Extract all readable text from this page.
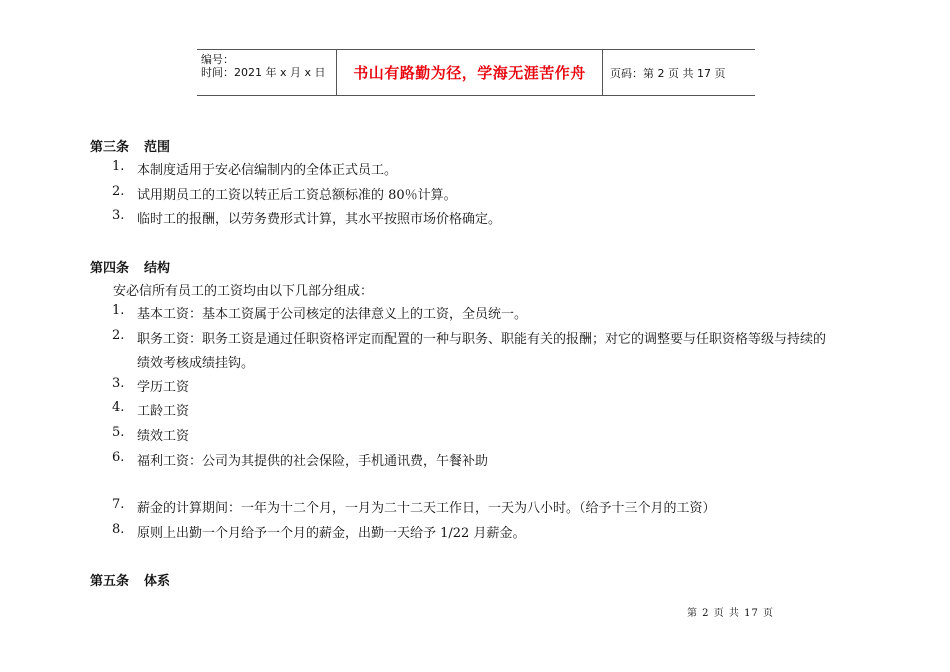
编号：
时间：2021 年 x 月 x 日	书山有路勤为径，学海无涯苦作舟	页码：第 2 页 共 17 页
第三条 范围
1. 本制度适用于安必信编制内的全体正式员工。
2. 试用期员工的工资以转正后工资总额标准的 80％计算。
3. 临时工的报酬，以劳务费形式计算，其水平按照市场价格确定。
第四条 结构
安必信所有员工的工资均由以下几部分组成：
1. 基本工资：基本工资属于公司核定的法律意义上的工资，全员统一。
2. 职务工资：职务工资是通过任职资格评定而配置的一种与职务、职能有关的报酬；对它的调整要与任职资格等级与持续的
绩效考核成绩挂钩。
3. 学历工资
4. 工龄工资
5. 绩效工资
6. 福利工资：公司为其提供的社会保险，手机通讯费，午餐补助
7. 薪金的计算期间：一年为十二个月，一月为二十二天工作日，一天为八小时。（给予十三个月的工资）
8. 原则上出勤一个月给予一个月的薪金，出勤一天给予 1/22 月薪金。
第五条 体系
第 2 页 共 17 页
